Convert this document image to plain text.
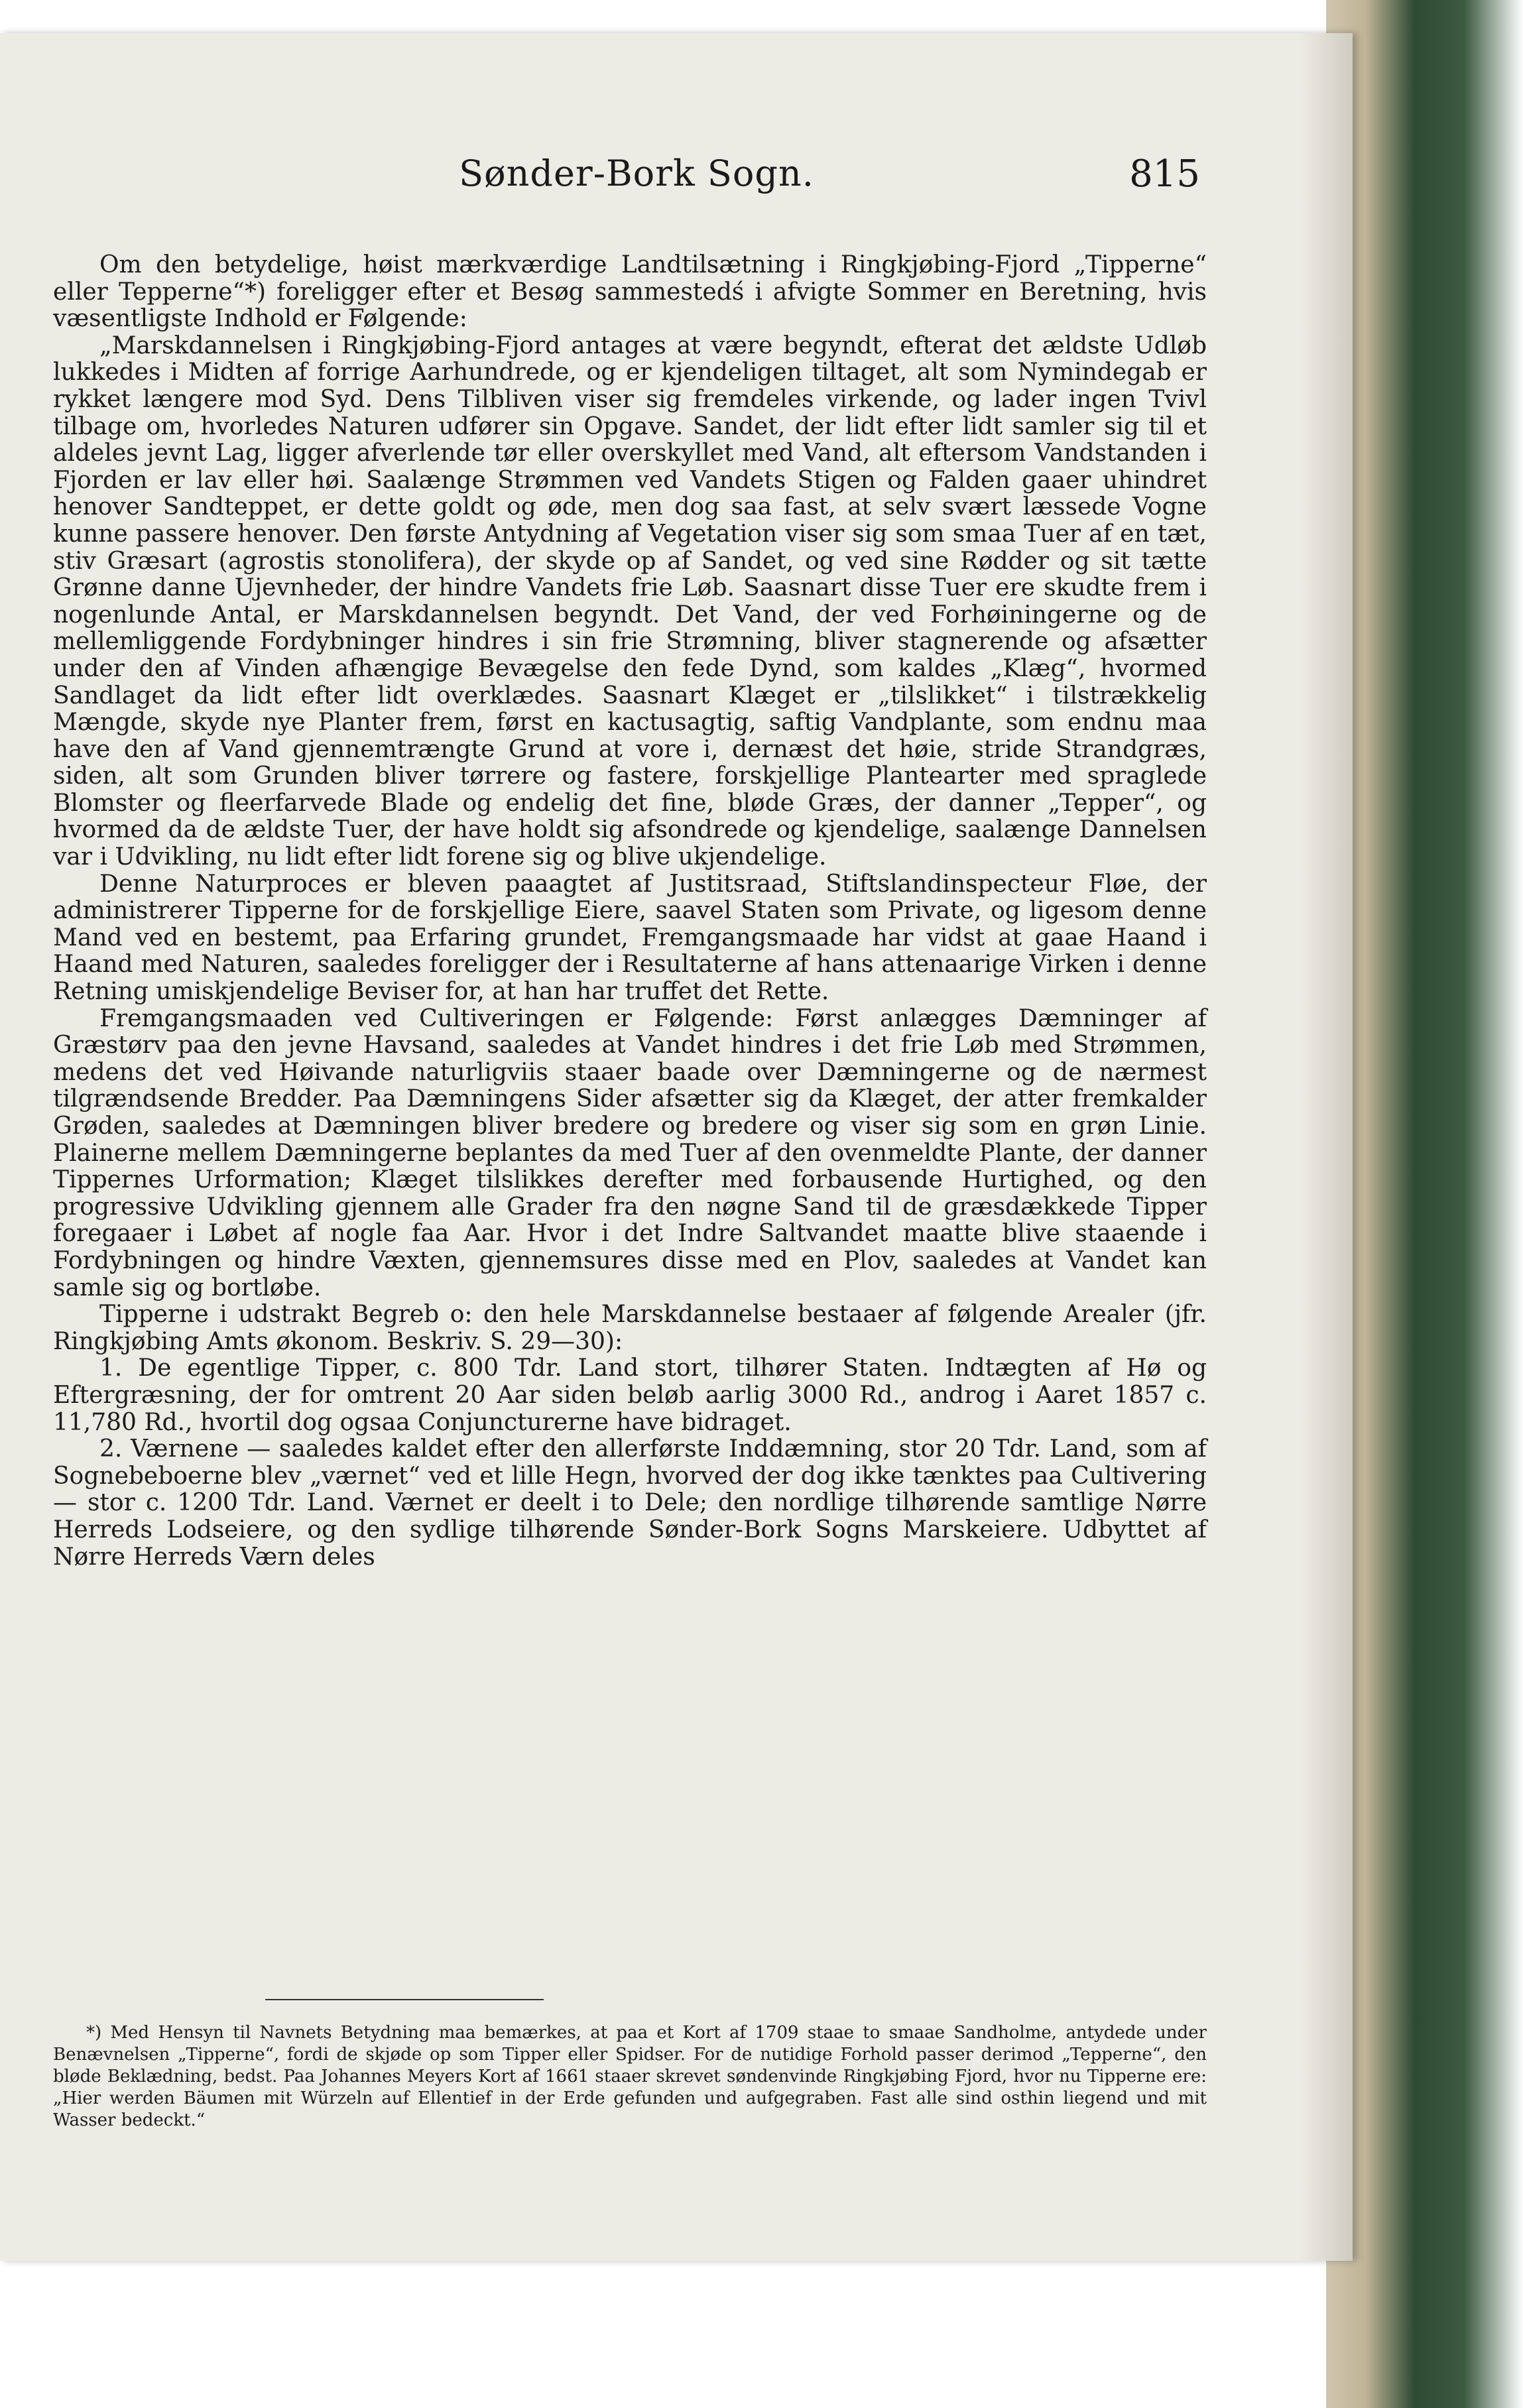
Sønder-Bork Sogn.	815

Om den betydelige, høist mærkværdige Landtilsætning i Ringkjøbing-Fjord „Tipperne“ eller Tepperne“*) foreligger efter et Besøg sammestedś i afvigte Sommer en Beretning, hvis væsentligste Indhold er Følgende:

„Marskdannelsen i Ringkjøbing-Fjord antages at være begyndt, efterat det ældste Udløb lukkedes i Midten af forrige Aarhundrede, og er kjendeligen tiltaget, alt som Nymindegab er rykket længere mod Syd. Dens Tilbliven viser sig fremdeles virkende, og lader ingen Tvivl tilbage om, hvorledes Naturen udfører sin Opgave. Sandet, der lidt efter lidt samler sig til et aldeles jevnt Lag, ligger afverlende tør eller overskyllet med Vand, alt eftersom Vandstanden i Fjorden er lav eller høi. Saalænge Strømmen ved Vandets Stigen og Falden gaaer uhindret henover Sandteppet, er dette goldt og øde, men dog saa fast, at selv svært læssede Vogne kunne passere henover. Den første Antydning af Vegetation viser sig som smaa Tuer af en tæt, stiv Græsart (agrostis stonolifera), der skyde op af Sandet, og ved sine Rødder og sit tætte Grønne danne Ujevnheder, der hindre Vandets frie Løb. Saasnart disse Tuer ere skudte frem i nogenlunde Antal, er Marskdannelsen begyndt. Det Vand, der ved Forhøiningerne og de mellemliggende Fordybninger hindres i sin frie Strømning, bliver stagnerende og afsætter under den af Vinden afhængige Bevægelse den fede Dynd, som kaldes „Klæg“, hvormed Sandlaget da lidt efter lidt overklædes. Saasnart Klæget er „tilslikket“ i tilstrækkelig Mængde, skyde nye Planter frem, først en kactusagtig, saftig Vandplante, som endnu maa have den af Vand gjennemtrængte Grund at vore i, dernæst det høie, stride Strandgræs, siden, alt som Grunden bliver tørrere og fastere, forskjellige Plantearter med spraglede Blomster og fleerfarvede Blade og endelig det fine, bløde Græs, der danner „Tepper“, og hvormed da de ældste Tuer, der have holdt sig afsondrede og kjendelige, saalænge Dannelsen var i Udvikling, nu lidt efter lidt forene sig og blive ukjendelige.

Denne Naturproces er bleven paaagtet af Justitsraad, Stiftslandinspecteur Fløe, der administrerer Tipperne for de forskjellige Eiere, saavel Staten som Private, og ligesom denne Mand ved en bestemt, paa Erfaring grundet, Fremgangsmaade har vidst at gaae Haand i Haand med Naturen, saaledes foreligger der i Resultaterne af hans attenaarige Virken i denne Retning umiskjendelige Beviser for, at han har truffet det Rette.

Fremgangsmaaden ved Cultiveringen er Følgende: Først anlægges Dæmninger af Græstørv paa den jevne Havsand, saaledes at Vandet hindres i det frie Løb med Strømmen, medens det ved Høivande naturligviis staaer baade over Dæmningerne og de nærmest tilgrændsende Bredder. Paa Dæmningens Sider afsætter sig da Klæget, der atter fremkalder Grøden, saaledes at Dæmningen bliver bredere og bredere og viser sig som en grøn Linie. Plainerne mellem Dæmningerne beplantes da med Tuer af den ovenmeldte Plante, der danner Tippernes Urformation; Klæget tilslikkes derefter med forbausende Hurtighed, og den progressive Udvikling gjennem alle Grader fra den nøgne Sand til de græsdækkede Tipper foregaaer i Løbet af nogle faa Aar. Hvor i det Indre Saltvandet maatte blive staaende i Fordybningen og hindre Væxten, gjennemsures disse med en Plov, saaledes at Vandet kan samle sig og bortløbe.

Tipperne i udstrakt Begreb o: den hele Marskdannelse bestaaer af følgende Arealer (jfr. Ringkjøbing Amts økonom. Beskriv. S. 29—30):

1. De egentlige Tipper, c. 800 Tdr. Land stort, tilhører Staten. Indtægten af Hø og Eftergræsning, der for omtrent 20 Aar siden beløb aarlig 3000 Rd., androg i Aaret 1857 c. 11,780 Rd., hvortil dog ogsaa Conjuncturerne have bidraget.

2. Værnene — saaledes kaldet efter den allerførste Inddæmning, stor 20 Tdr. Land, som af Sognebeboerne blev „værnet“ ved et lille Hegn, hvorved der dog ikke tænktes paa Cultivering — stor c. 1200 Tdr. Land. Værnet er deelt i to Dele; den nordlige tilhørende samtlige Nørre Herreds Lodseiere, og den sydlige tilhørende Sønder-Bork Sogns Marskeiere. Udbyttet af Nørre Herreds Værn deles

*) Med Hensyn til Navnets Betydning maa bemærkes, at paa et Kort af 1709 staae to smaae Sandholme, antydede under Benævnelsen „Tipperne“, fordi de skjøde op som Tipper eller Spidser. For de nutidige Forhold passer derimod „Tepperne“, den bløde Beklædning, bedst. Paa Johannes Meyers Kort af 1661 staaer skrevet søndenvinde Ringkjøbing Fjord, hvor nu Tipperne ere: „Hier werden Bäumen mit Würzeln auf Ellentief in der Erde gefunden und aufgegraben. Fast alle sind osthin liegend und mit Wasser bedeckt.“
